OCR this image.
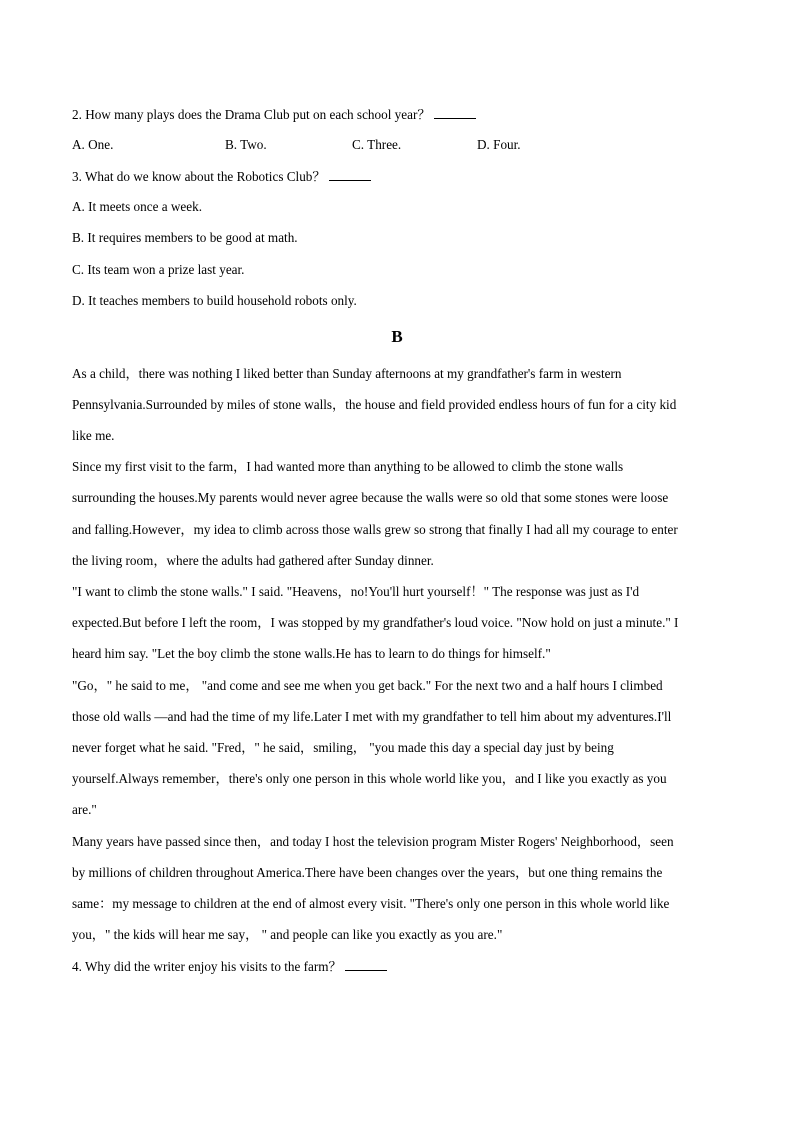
2. How many plays does the Drama Club put on each school year？
A. One.	B. Two.	C. Three.	D. Four.
3. What do we know about the Robotics Club？
A. It meets once a week.
B. It requires members to be good at math.
C. Its team won a prize last year.
D. It teaches members to build household robots only.
B
As a child，there was nothing I liked better than Sunday afternoons at my grandfather's farm in western
Pennsylvania.Surrounded by miles of stone walls，the house and field provided endless hours of fun for a city kid
like me.
Since my first visit to the farm，I had wanted more than anything to be allowed to climb the stone walls
surrounding the houses.My parents would never agree because the walls were so old that some stones were loose
and falling.However，my idea to climb across those walls grew so strong that finally I had all my courage to enter
the living room，where the adults had gathered after Sunday dinner.
"I want to climb the stone walls." I said. "Heavens，no!You'll hurt yourself！" The response was just as I'd
expected.But before I left the room，I was stopped by my grandfather's loud voice. "Now hold on just a minute." I
heard him say. "Let the boy climb the stone walls.He has to learn to do things for himself."
"Go，" he said to me， "and come and see me when you get back." For the next two and a half hours I climbed
those old walls —and had the time of my life.Later I met with my grandfather to tell him about my adventures.I'll
never forget what he said. "Fred，" he said，smiling， "you made this day a special day just by being
yourself.Always remember，there's only one person in this whole world like you，and I like you exactly as you
are."
Many years have passed since then，and today I host the television program Mister Rogers' Neighborhood，seen
by millions of children throughout America.There have been changes over the years，but one thing remains the
same：my message to children at the end of almost every visit. "There's only one person in this whole world like
you，" the kids will hear me say， " and people can like you exactly as you are."
4. Why did the writer enjoy his visits to the farm？
